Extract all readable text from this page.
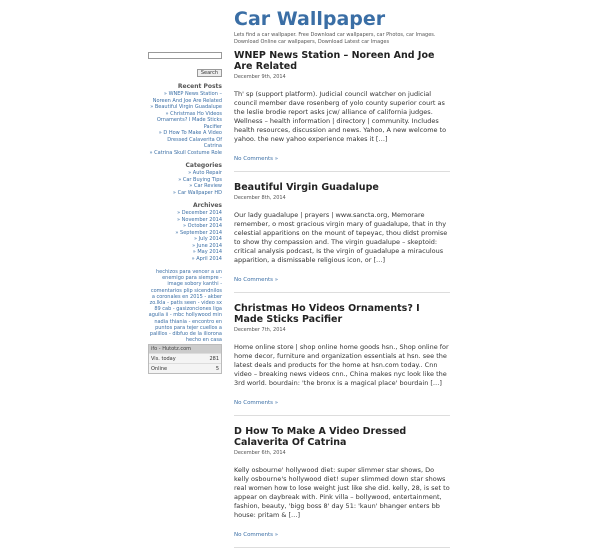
Car Wallpaper
Lets find a car wallpaper. Free Download car wallpapers, car Photos, car Images. Download Online car wallpapers, Download Latest car Images
Search
Recent Posts
» WNEP News Station – Noreen And Joe Are Related
» Beautiful Virgin Guadalupe
» Christmas Ho Videos Ornaments? I Made Sticks Pacifier
» D How To Make A Video Dressed Calaverita Of Catrina
» Catrina Skull Costume Role
Categories
» Auto Repair
» Car Buying Tips
» Car Review
» Car Wallpaper HD
Archives
» December 2014
» November 2014
» October 2014
» September 2014
» July 2014
» June 2014
» May 2014
» April 2014
hechizos para vencer a un enemigo para siempre - image sobory kanthi - comentarios plip sicendnilos a coronales en 2015 - akber zo.lkla - patis seen - video sx 89 cab - gasizonciones liga aguila ii - mbc hollywood min nadia thiania - encontro en puntos para tejer cuellos a palillos - dibfuo de la iliorona hecho en casa
ifo - Hutotz.com
Vis. today	281
Online	5
WNEP News Station – Noreen And Joe Are Related
December 9th, 2014
Th' sp (support platform). Judicial council watcher on judicial council member dave rosenberg of yolo county superior court as the leslie brodie report asks jcw/ alliance of california judges. Wellness – health information | directory | community. Includes health resources, discussion and news. Yahoo, A new welcome to yahoo. the new yahoo experience makes it […]
No Comments »
Beautiful Virgin Guadalupe
December 8th, 2014
Our lady guadalupe | prayers | www.sancta.org, Memorare remember, o most gracious virgin mary of guadalupe, that in thy celestial apparitions on the mount of tepeyac, thou didst promise to show thy compassion and. The virgin guadalupe – skeptoid: critical analysis podcast, Is the virgin of guadalupe a miraculous apparition, a dismissable religious icon, or […]
No Comments »
Christmas Ho Videos Ornaments? I Made Sticks Pacifier
December 7th, 2014
Home online store | shop online home goods hsn., Shop online for home decor, furniture and organization essentials at hsn. see the latest deals and products for the home at hsn.com today.. Cnn video – breaking news videos cnn., China makes nyc look like the 3rd world. bourdain: 'the bronx is a magical place' bourdain […]
No Comments »
D How To Make A Video Dressed Calaverita Of Catrina
December 6th, 2014
Kelly osbourne' hollywood diet: super slimmer star shows, Do kelly osbourne's hollywood diet! super slimmed down star shows real women how to lose weight just like she did. kelly, 28, is set to appear on daybreak with. Pink villa – bollywood, entertainment, fashion, beauty, 'bigg boss 8' day 51: 'kaun' bhanger enters bb house: pritam & […]
No Comments »
